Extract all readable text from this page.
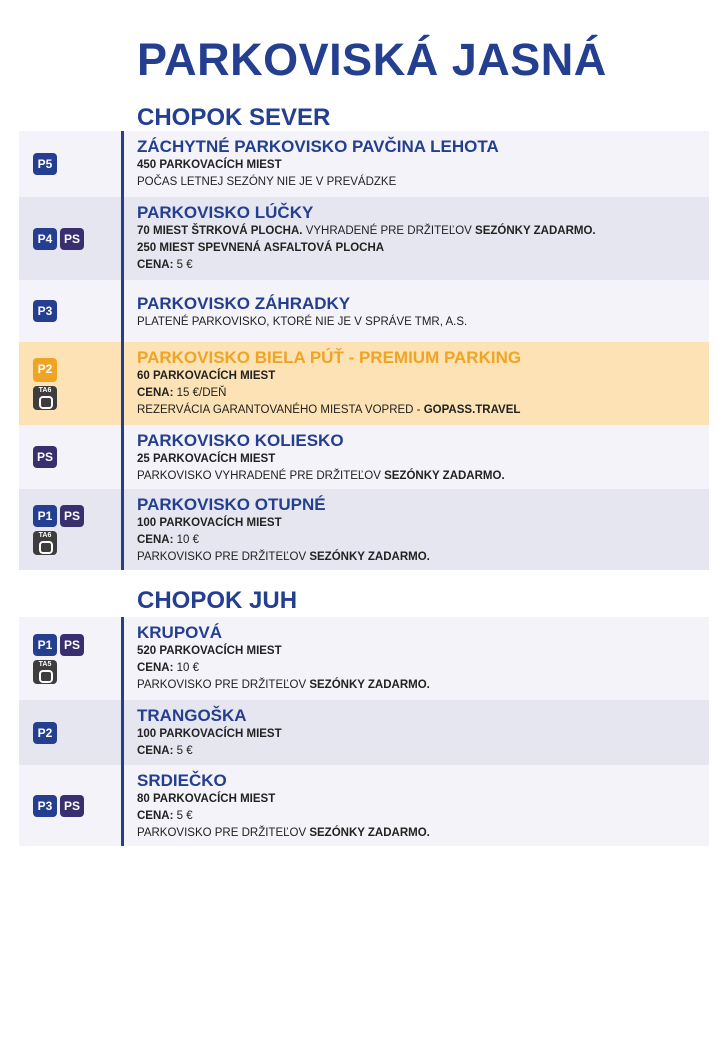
PARKOVISKÁ JASNÁ
CHOPOK SEVER
P5
ZÁCHYTNÉ PARKOVISKO PAVČINA LEHOTA
450 PARKOVACÍCH MIEST
POČAS LETNEJ SEZÓNY NIE JE V PREVÁDZKE
P4 PS
PARKOVISKO LÚČKY
70 MIEST ŠTRKOVÁ PLOCHA. VYHRADENÉ PRE DRŽITEĽOV SEZÓNKY ZADARMO.
250 MIEST SPEVNENÁ ASFALTOVÁ PLOCHA
CENA: 5 €
P3	PARKOVISKO ZÁHRADKY
PLATENÉ PARKOVISKO, KTORÉ NIE JE V SPRÁVE TMR, A.S.
P2
TA6
PARKOVISKO BIELA PÚŤ - PREMIUM PARKING
60 PARKOVACÍCH MIEST
CENA: 15 €/DEŇ
REZERVÁCIA GARANTOVANÉHO MIESTA VOPRED - GOPASS.TRAVEL
PS
PARKOVISKO KOLIESKO
25 PARKOVACÍCH MIEST
PARKOVISKO VYHRADENÉ PRE DRŽITEĽOV SEZÓNKY ZADARMO.
P1 PS
TA6
PARKOVISKO OTUPNÉ
100 PARKOVACÍCH MIEST
CENA: 10 €
PARKOVISKO PRE DRŽITEĽOV SEZÓNKY ZADARMO.
CHOPOK JUH
P1 PS
TA5
KRUPOVÁ
520 PARKOVACÍCH MIEST
CENA: 10 €
PARKOVISKO PRE DRŽITEĽOV SEZÓNKY ZADARMO.
P2
TRANGOŠKA
100 PARKOVACÍCH MIEST
CENA: 5 €
P3 PS
SRDIEČKO
80 PARKOVACÍCH MIEST
CENA: 5 €
PARKOVISKO PRE DRŽITEĽOV SEZÓNKY ZADARMO.
